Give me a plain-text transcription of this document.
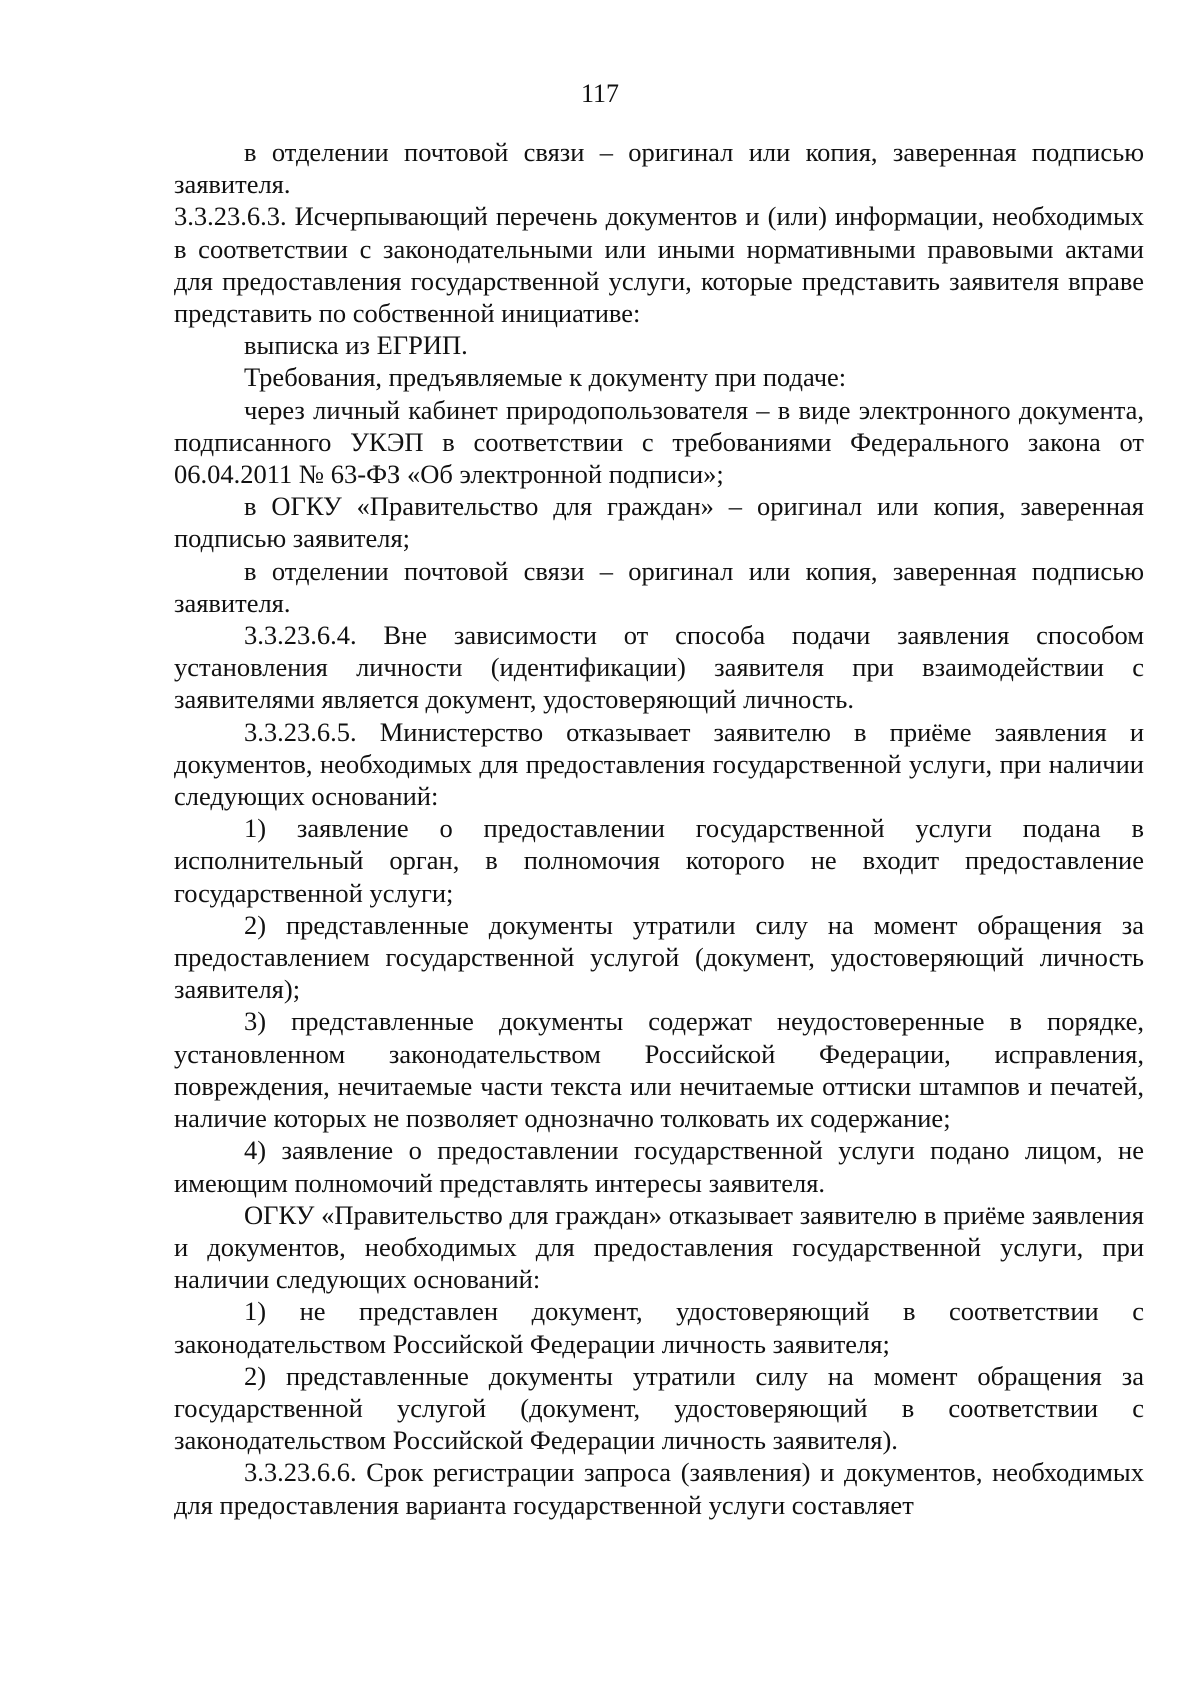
117

в отделении почтовой связи – оригинал или копия, заверенная подписью заявителя.

3.3.23.6.3. Исчерпывающий перечень документов и (или) информации, необходимых в соответствии с законодательными или иными нормативными правовыми актами для предоставления государственной услуги, которые представить заявителя вправе представить по собственной инициативе:

выписка из ЕГРИП.

Требования, предъявляемые к документу при подаче:

через личный кабинет природопользователя – в виде электронного документа, подписанного УКЭП в соответствии с требованиями Федерального закона от 06.04.2011 № 63-ФЗ «Об электронной подписи»;

в ОГКУ «Правительство для граждан» – оригинал или копия, заверенная подписью заявителя;

в отделении почтовой связи – оригинал или копия, заверенная подписью заявителя.

3.3.23.6.4. Вне зависимости от способа подачи заявления способом установления личности (идентификации) заявителя при взаимодействии с заявителями является документ, удостоверяющий личность.

3.3.23.6.5. Министерство отказывает заявителю в приёме заявления и документов, необходимых для предоставления государственной услуги, при наличии следующих оснований:

1) заявление о предоставлении государственной услуги подана в исполнительный орган, в полномочия которого не входит предоставление государственной услуги;

2) представленные документы утратили силу на момент обращения за предоставлением государственной услугой (документ, удостоверяющий личность заявителя);

3) представленные документы содержат неудостоверенные в порядке, установленном законодательством Российской Федерации, исправления, повреждения, нечитаемые части текста или нечитаемые оттиски штампов и печатей, наличие которых не позволяет однозначно толковать их содержание;

4) заявление о предоставлении государственной услуги подано лицом, не имеющим полномочий представлять интересы заявителя.

ОГКУ «Правительство для граждан» отказывает заявителю в приёме заявления и документов, необходимых для предоставления государственной услуги, при наличии следующих оснований:

1) не представлен документ, удостоверяющий в соответствии с законодательством Российской Федерации личность заявителя;

2) представленные документы утратили силу на момент обращения за государственной услугой (документ, удостоверяющий в соответствии с законодательством Российской Федерации личность заявителя).

3.3.23.6.6. Срок регистрации запроса (заявления) и документов, необходимых для предоставления варианта государственной услуги составляет
